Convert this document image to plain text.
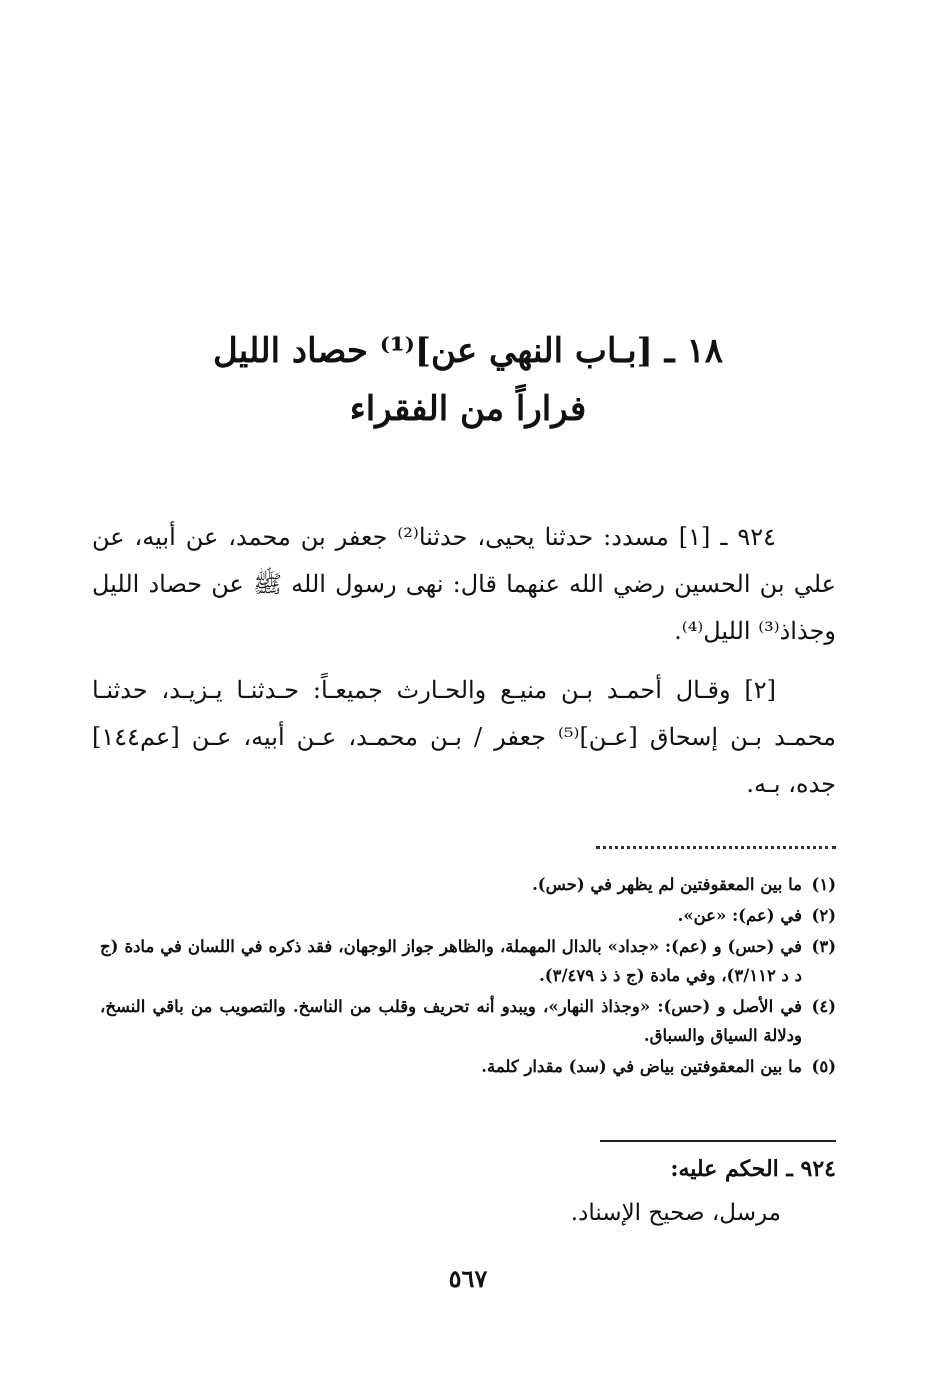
١٨ ـ [بـاب النهي عن]⁽¹⁾ حصاد الليل
فراراً من الفقراء

٩٢٤ ـ [١] مسدد: حدثنا يحيى، حدثنا⁽²⁾ جعفر بن محمد، عن أبيه، عن علي بن الحسين رضي الله عنهما قال: نهى رسول الله ﷺ عن حصاد الليل وجذاذ⁽³⁾ الليل⁽⁴⁾.

[٢] وقـال أحمـد بـن منيـع والحـارث جميعـاً: حـدثنـا يـزيـد، حدثنـا محمـد بـن إسحاق [عـن]⁽⁵⁾ جعفر / بـن محمـد، عـن أبيه، عـن [عم١٤٤] جده، بـه.

(١)
ما بين المعقوفتين لم يظهر في (حس).
(٢)
في (عم): «عن».
(٣)
في (حس) و (عم): «جداد» بالدال المهملة، والظاهر جواز الوجهان، فقد ذكره في اللسان في مادة (ج د د ٣/١١٢)، وفي مادة (ج ذ ذ ٣/٤٧٩).
(٤)
في الأصل و (حس): «وجذاذ النهار»، ويبدو أنه تحريف وقلب من الناسخ. والتصويب من باقي النسخ، ودلالة السياق والسباق.
(٥)
ما بين المعقوفتين بياض في (سد) مقدار كلمة.
٩٢٤ ـ الحكم عليه:
مرسل، صحيح الإسناد.
٥٦٧
